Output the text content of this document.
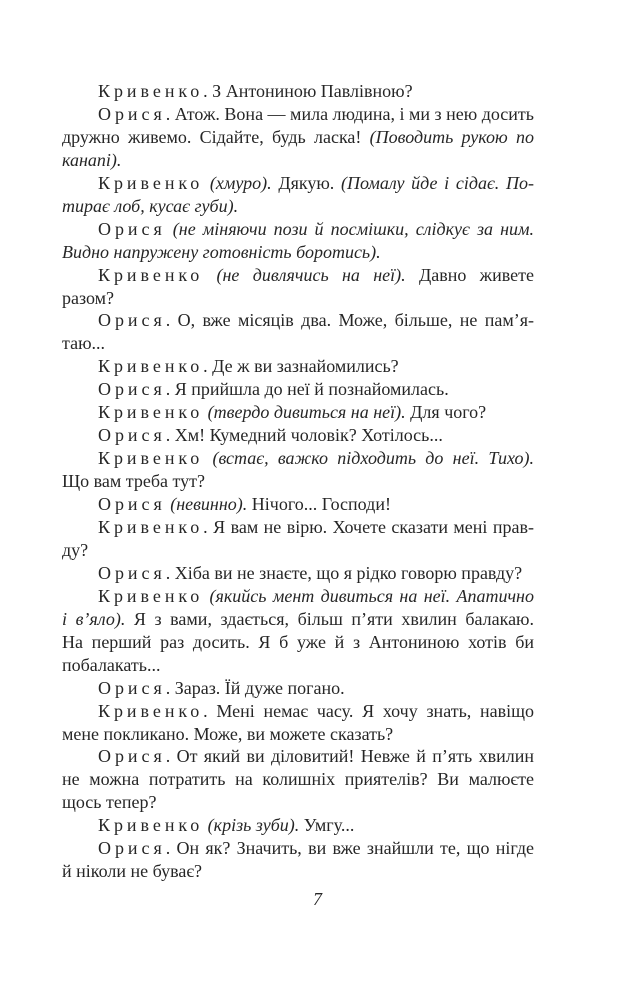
Кривенко. З Антониною Павлівною?
Орися. Атож. Вона — мила людина, і ми з нею досить
дружно живемо. Сідайте, будь ласка! (Поводить рукою по
канапі).
Кривенко (хмуро). Дякую. (Помалу йде і сідає. По-
тирає лоб, кусає губи).
Орися (не міняючи пози й посмішки, слідкує за ним.
Видно напружену готовність боротись).
Кривенко (не дивлячись на неї). Давно живете
разом?
Орися. О, вже місяців два. Може, більше, не пам’я-
таю...
Кривенко. Де ж ви зазнайомились?
Орися. Я прийшла до неї й познайомилась.
Кривенко (твердо дивиться на неї). Для чого?
Орися. Хм! Кумедний чоловік? Хотілось...
Кривенко (встає, важко підходить до неї. Тихо).
Що вам треба тут?
Орися (невинно). Нічого... Господи!
Кривенко. Я вам не вірю. Хочете сказати мені прав-
ду?
Орися. Хіба ви не знаєте, що я рідко говорю правду?
Кривенко (якийсь мент дивиться на неї. Апатично
і в’яло). Я з вами, здається, більш п’яти хвилин балакаю.
На перший раз досить. Я б уже й з Антониною хотів би
побалакать...
Орися. Зараз. Їй дуже погано.
Кривенко. Мені немає часу. Я хочу знать, навіщо
мене покликано. Може, ви можете сказать?
Орися. От який ви діловитий! Невже й п’ять хвилин
не можна потратить на колишніх приятелів? Ви малюєте
щось тепер?
Кривенко (крізь зуби). Умгу...
Орися. Он як? Значить, ви вже знайшли те, що нігде
й ніколи не буває?
7
